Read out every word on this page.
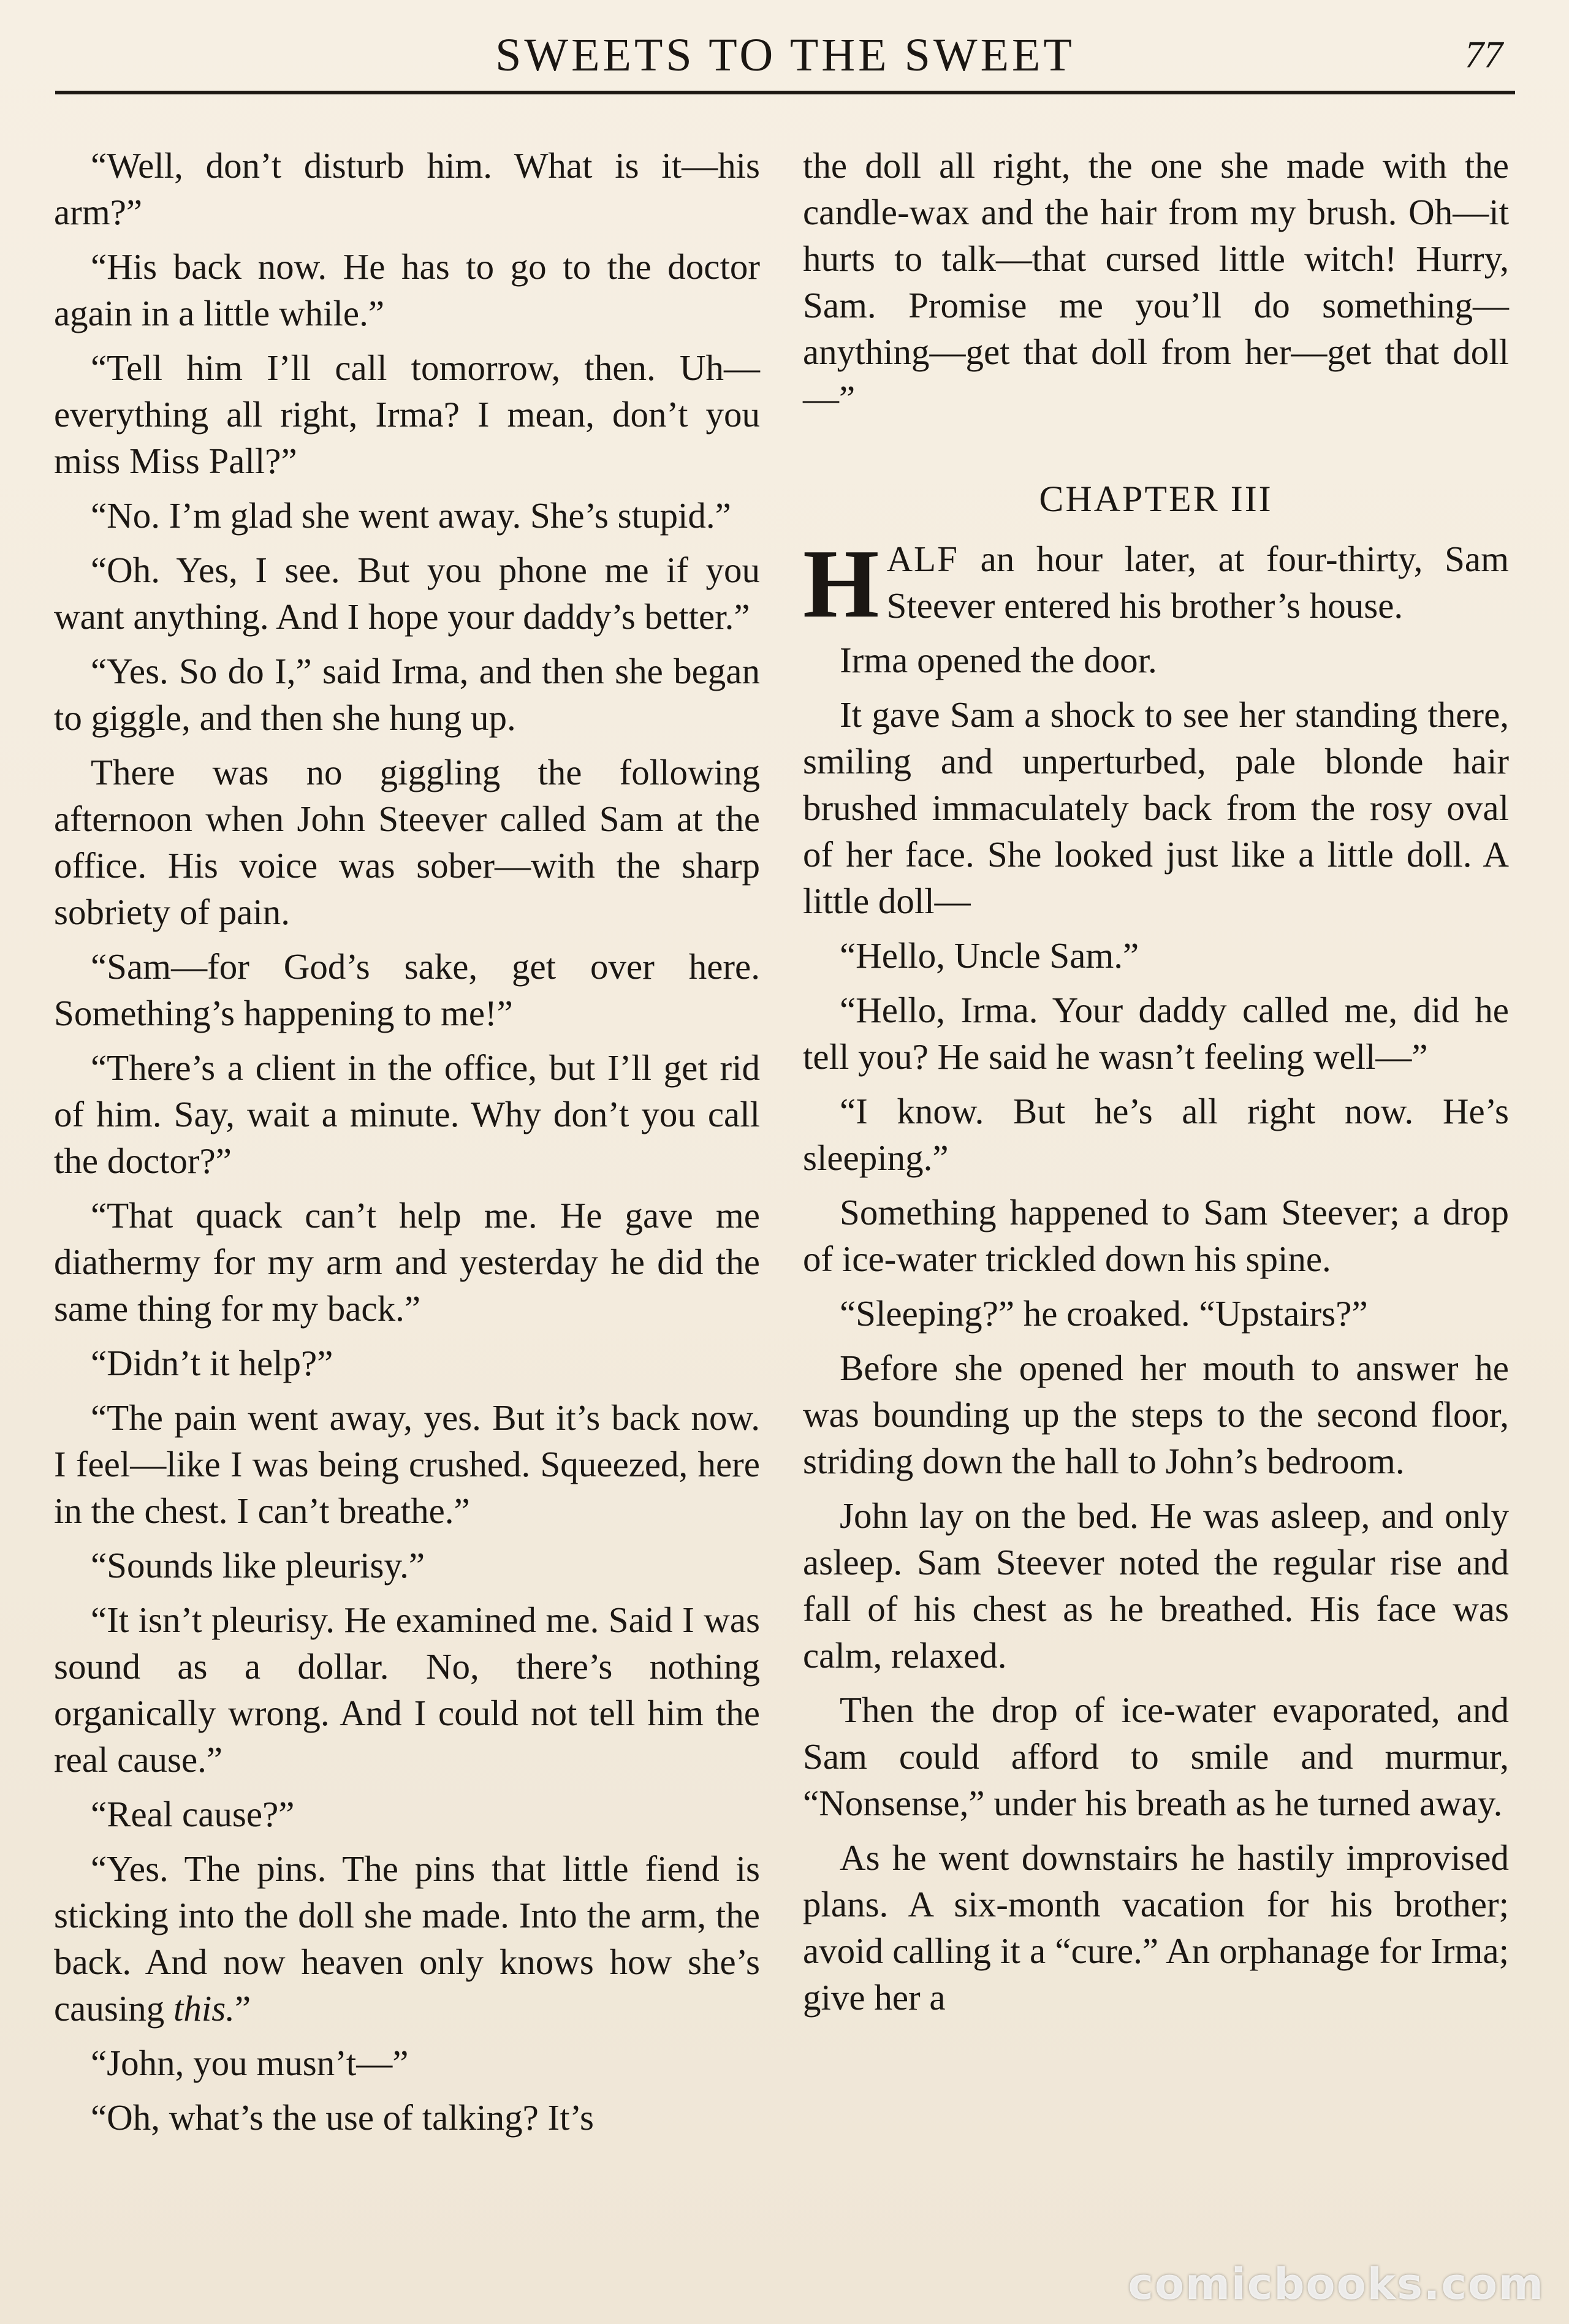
SWEETS TO THE SWEET	77

“Well, don’t disturb him. What is it—his arm?”

“His back now. He has to go to the doctor again in a little while.”

“Tell him I’ll call tomorrow, then. Uh—everything all right, Irma? I mean, don’t you miss Miss Pall?”

“No. I’m glad she went away. She’s stupid.”

“Oh. Yes, I see. But you phone me if you want anything. And I hope your daddy’s better.”

“Yes. So do I,” said Irma, and then she began to giggle, and then she hung up.

There was no giggling the following afternoon when John Steever called Sam at the office. His voice was sober—with the sharp sobriety of pain.

“Sam—for God’s sake, get over here. Something’s happening to me!”

“There’s a client in the office, but I’ll get rid of him. Say, wait a minute. Why don’t you call the doctor?”

“That quack can’t help me. He gave me diathermy for my arm and yesterday he did the same thing for my back.”

“Didn’t it help?”

“The pain went away, yes. But it’s back now. I feel—like I was being crushed. Squeezed, here in the chest. I can’t breathe.”

“Sounds like pleurisy.”

“It isn’t pleurisy. He examined me. Said I was sound as a dollar. No, there’s nothing organically wrong. And I could not tell him the real cause.”

“Real cause?”

“Yes. The pins. The pins that little fiend is sticking into the doll she made. Into the arm, the back. And now heaven only knows how she’s causing this.”

“John, you musn’t—”

“Oh, what’s the use of talking? It’s

the doll all right, the one she made with the candle-wax and the hair from my brush. Oh—it hurts to talk—that cursed little witch! Hurry, Sam. Promise me you’ll do something—anything—get that doll from her—get that doll—”

CHAPTER III

HALF an hour later, at four-thirty, Sam Steever entered his brother’s house.

Irma opened the door.

It gave Sam a shock to see her standing there, smiling and unperturbed, pale blonde hair brushed immaculately back from the rosy oval of her face. She looked just like a little doll. A little doll—

“Hello, Uncle Sam.”

“Hello, Irma. Your daddy called me, did he tell you? He said he wasn’t feeling well—”

“I know. But he’s all right now. He’s sleeping.”

Something happened to Sam Steever; a drop of ice-water trickled down his spine.

“Sleeping?” he croaked. “Upstairs?”

Before she opened her mouth to answer he was bounding up the steps to the second floor, striding down the hall to John’s bedroom.

John lay on the bed. He was asleep, and only asleep. Sam Steever noted the regular rise and fall of his chest as he breathed. His face was calm, relaxed.

Then the drop of ice-water evaporated, and Sam could afford to smile and murmur, “Nonsense,” under his breath as he turned away.

As he went downstairs he hastily improvised plans. A six-month vacation for his brother; avoid calling it a “cure.” An orphanage for Irma; give her a

comicbooks.com
